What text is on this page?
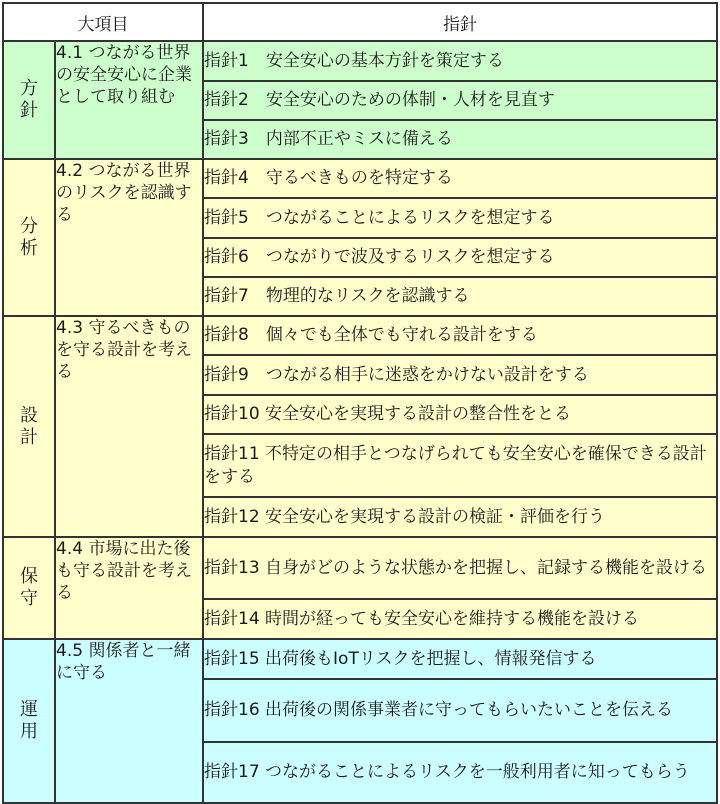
大項目		指針
方針	4.1 つながる世界の安全安心に企業として取り組む	指針1　安全安心の基本方針を策定する
		指針2　安全安心のための体制・人材を見直す
		指針3　内部不正やミスに備える
分析	4.2 つながる世界のリスクを認識する	指針4　守るべきものを特定する
		指針5　つながることによるリスクを想定する
		指針6　つながりで波及するリスクを想定する
		指針7　物理的なリスクを認識する
設計	4.3 守るべきものを守る設計を考える	指針8　個々でも全体でも守れる設計をする
		指針9　つながる相手に迷惑をかけない設計をする
		指針10 安全安心を実現する設計の整合性をとる
		指針11 不特定の相手とつなげられても安全安心を確保できる設計をする
		指針12 安全安心を実現する設計の検証・評価を行う
保守	4.4 市場に出た後も守る設計を考える	指針13 自身がどのような状態かを把握し、記録する機能を設ける
		指針14 時間が経っても安全安心を維持する機能を設ける
運用	4.5 関係者と一緒に守る	指針15 出荷後もIoTリスクを把握し、情報発信する
		指針16 出荷後の関係事業者に守ってもらいたいことを伝える
		指針17 つながることによるリスクを一般利用者に知ってもらう
